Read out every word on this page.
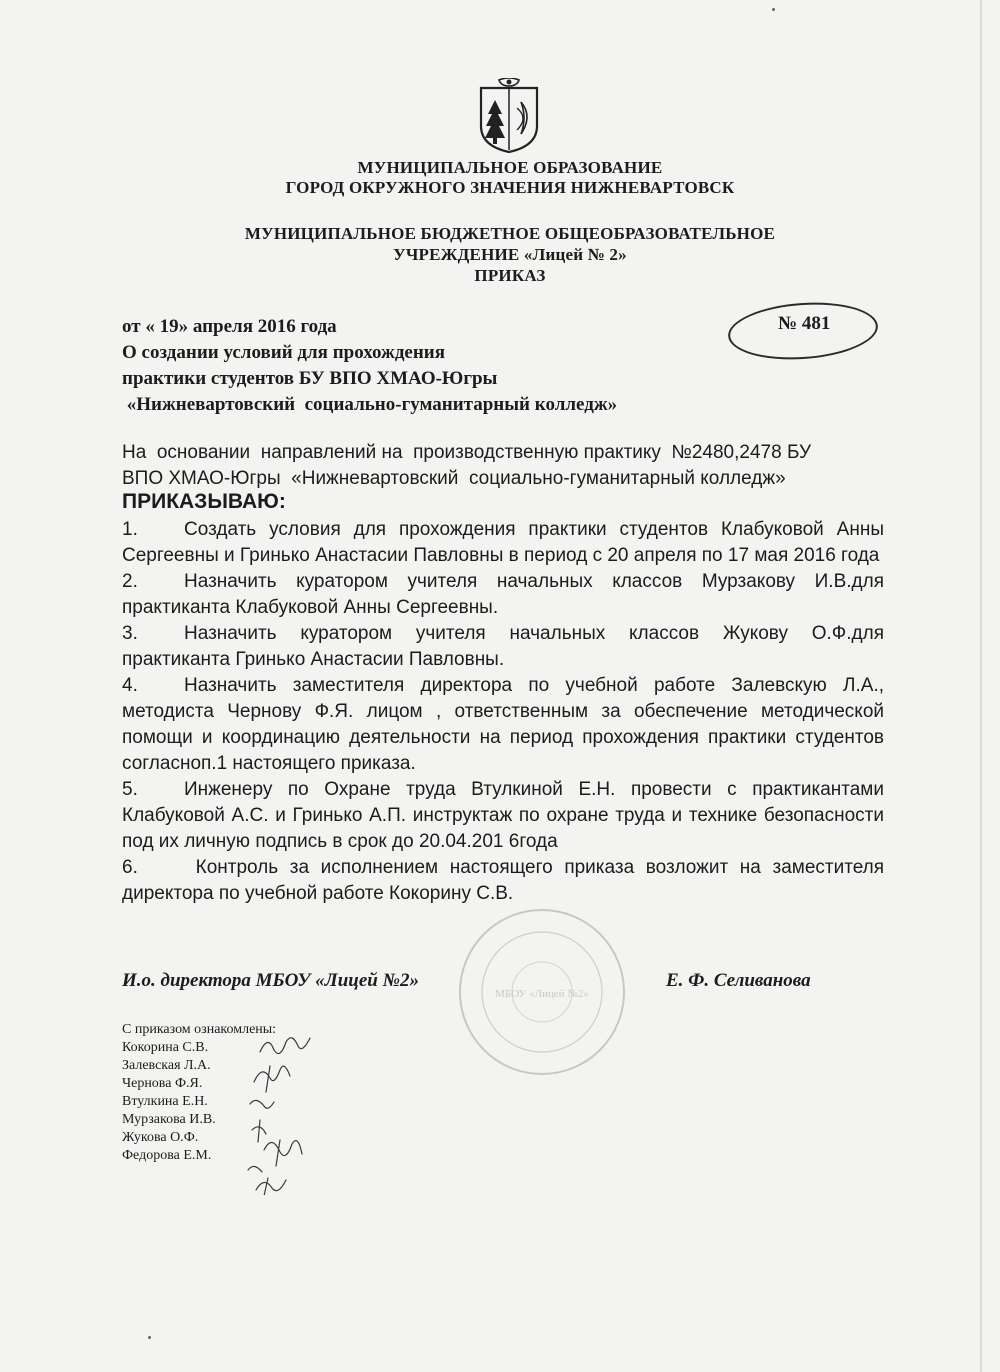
МУНИЦИПАЛЬНОЕ ОБРАЗОВАНИЕ
ГОРОД ОКРУЖНОГО ЗНАЧЕНИЯ НИЖНЕВАРТОВСК
МУНИЦИПАЛЬНОЕ БЮДЖЕТНОЕ ОБЩЕОБРАЗОВАТЕЛЬНОЕ
УЧРЕЖДЕНИЕ «Лицей № 2»
ПРИКАЗ
от « 19» апреля 2016 года	№ 481
О создании условий для прохождения
практики студентов БУ ВПО ХМАО-Югры
«Нижневартовский  социально-гуманитарный колледж»
На  основании  направлений на  производственную практику  №2480,2478 БУ
ВПО ХМАО-Югры  «Нижневартовский  социально-гуманитарный колледж»
ПРИКАЗЫВАЮ:
1. Создать условия для прохождения практики студентов Клабуковой Анны Сергеевны и Гринько Анастасии Павловны в период с 20 апреля по 17 мая 2016 года
2. Назначить куратором учителя начальных классов Мурзакову И.В.для практиканта Клабуковой Анны Сергеевны.
3. Назначить куратором учителя начальных классов Жукову О.Ф.для практиканта Гринько Анастасии Павловны.
4. Назначить заместителя директора по учебной работе Залевскую Л.А., методиста Чернову Ф.Я. лицом , ответственным за обеспечение методической помощи и координацию деятельности на период прохождения практики студентов согласноп.1 настоящего приказа.
5. Инженеру по Охране труда Втулкиной Е.Н. провести с практикантами Клабуковой А.С. и Гринько А.П. инструктаж по охране труда и технике безопасности под их личную подпись в срок до 20.04.201 6года
6. Контроль за исполнением настоящего приказа возложит на заместителя директора по учебной работе Кокорину С.В.
И.о. директора МБОУ «Лицей №2»	Е. Ф. Селиванова
МБОУ «Лицей №2»
С приказом ознакомлены:
Кокорина С.В.
Залевская Л.А.
Чернова Ф.Я.
Втулкина Е.Н.
Мурзакова И.В.
Жукова О.Ф.
Федорова Е.М.
